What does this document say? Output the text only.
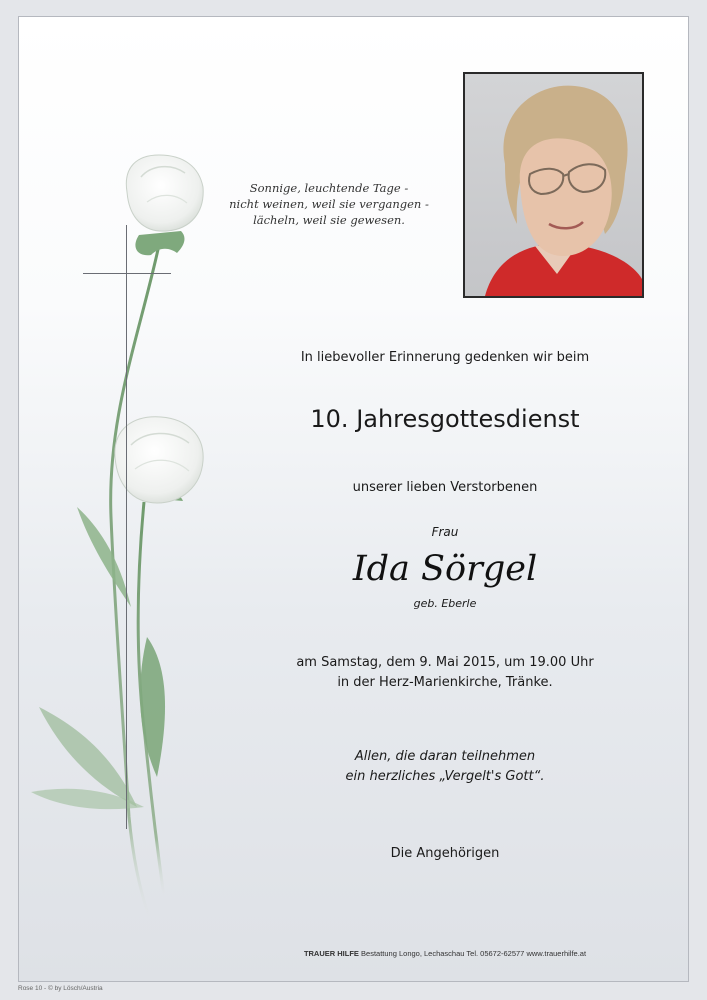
Sonnige, leuchtende Tage -
nicht weinen, weil sie vergangen -
lächeln, weil sie gewesen.
In liebevoller Erinnerung gedenken wir beim
10. Jahresgottesdienst
unserer lieben Verstorbenen
Frau
Ida Sörgel
geb. Eberle
am Samstag, dem 9. Mai 2015, um 19.00 Uhr
in der Herz-Marienkirche, Tränke.
Allen, die daran teilnehmen
ein herzliches „Vergelt's Gott“.
Die Angehörigen
TRAUER HILFE Bestattung Longo, Lechaschau Tel. 05672-62577 www.trauerhilfe.at
Rose 10 - © by Lösch/Austria
